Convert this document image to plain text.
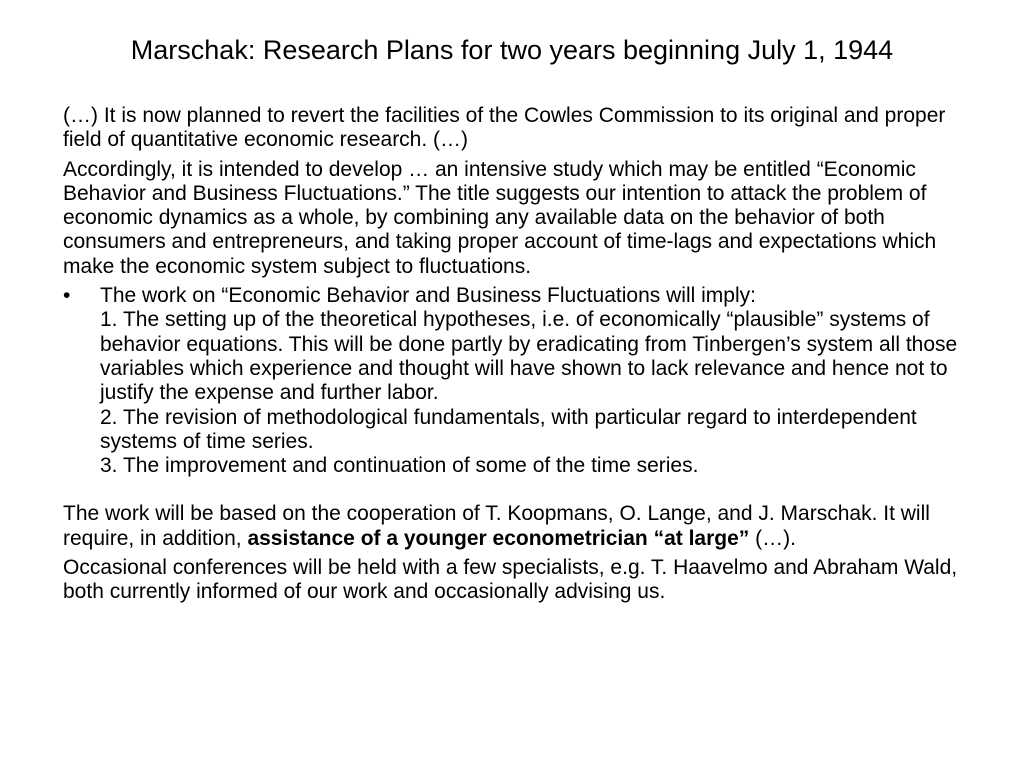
Marschak: Research Plans for two years beginning July 1, 1944

(…) It is now planned to revert the facilities of the Cowles Commission to its original and proper field of quantitative economic research. (…)

Accordingly, it is intended to develop … an intensive study which may be entitled “Economic Behavior and Business Fluctuations.” The title suggests our intention to attack the problem of economic dynamics as a whole, by combining any available data on the behavior of both consumers and entrepreneurs, and taking proper account of time-lags and expectations which make the economic system subject to fluctuations.

• The work on “Economic Behavior and Business Fluctuations will imply:
1. The setting up of the theoretical hypotheses, i.e. of economically “plausible” systems of behavior equations. This will be done partly by eradicating from Tinbergen’s system all those variables which experience and thought will have shown to lack relevance and hence not to justify the expense and further labor.
2. The revision of methodological fundamentals, with particular regard to interdependent systems of time series.
3. The improvement and continuation of some of the time series.

The work will be based on the cooperation of T. Koopmans, O. Lange, and J. Marschak. It will require, in addition, assistance of a younger econometrician “at large” (…).

Occasional conferences will be held with a few specialists, e.g. T. Haavelmo and Abraham Wald, both currently informed of our work and occasionally advising us.
